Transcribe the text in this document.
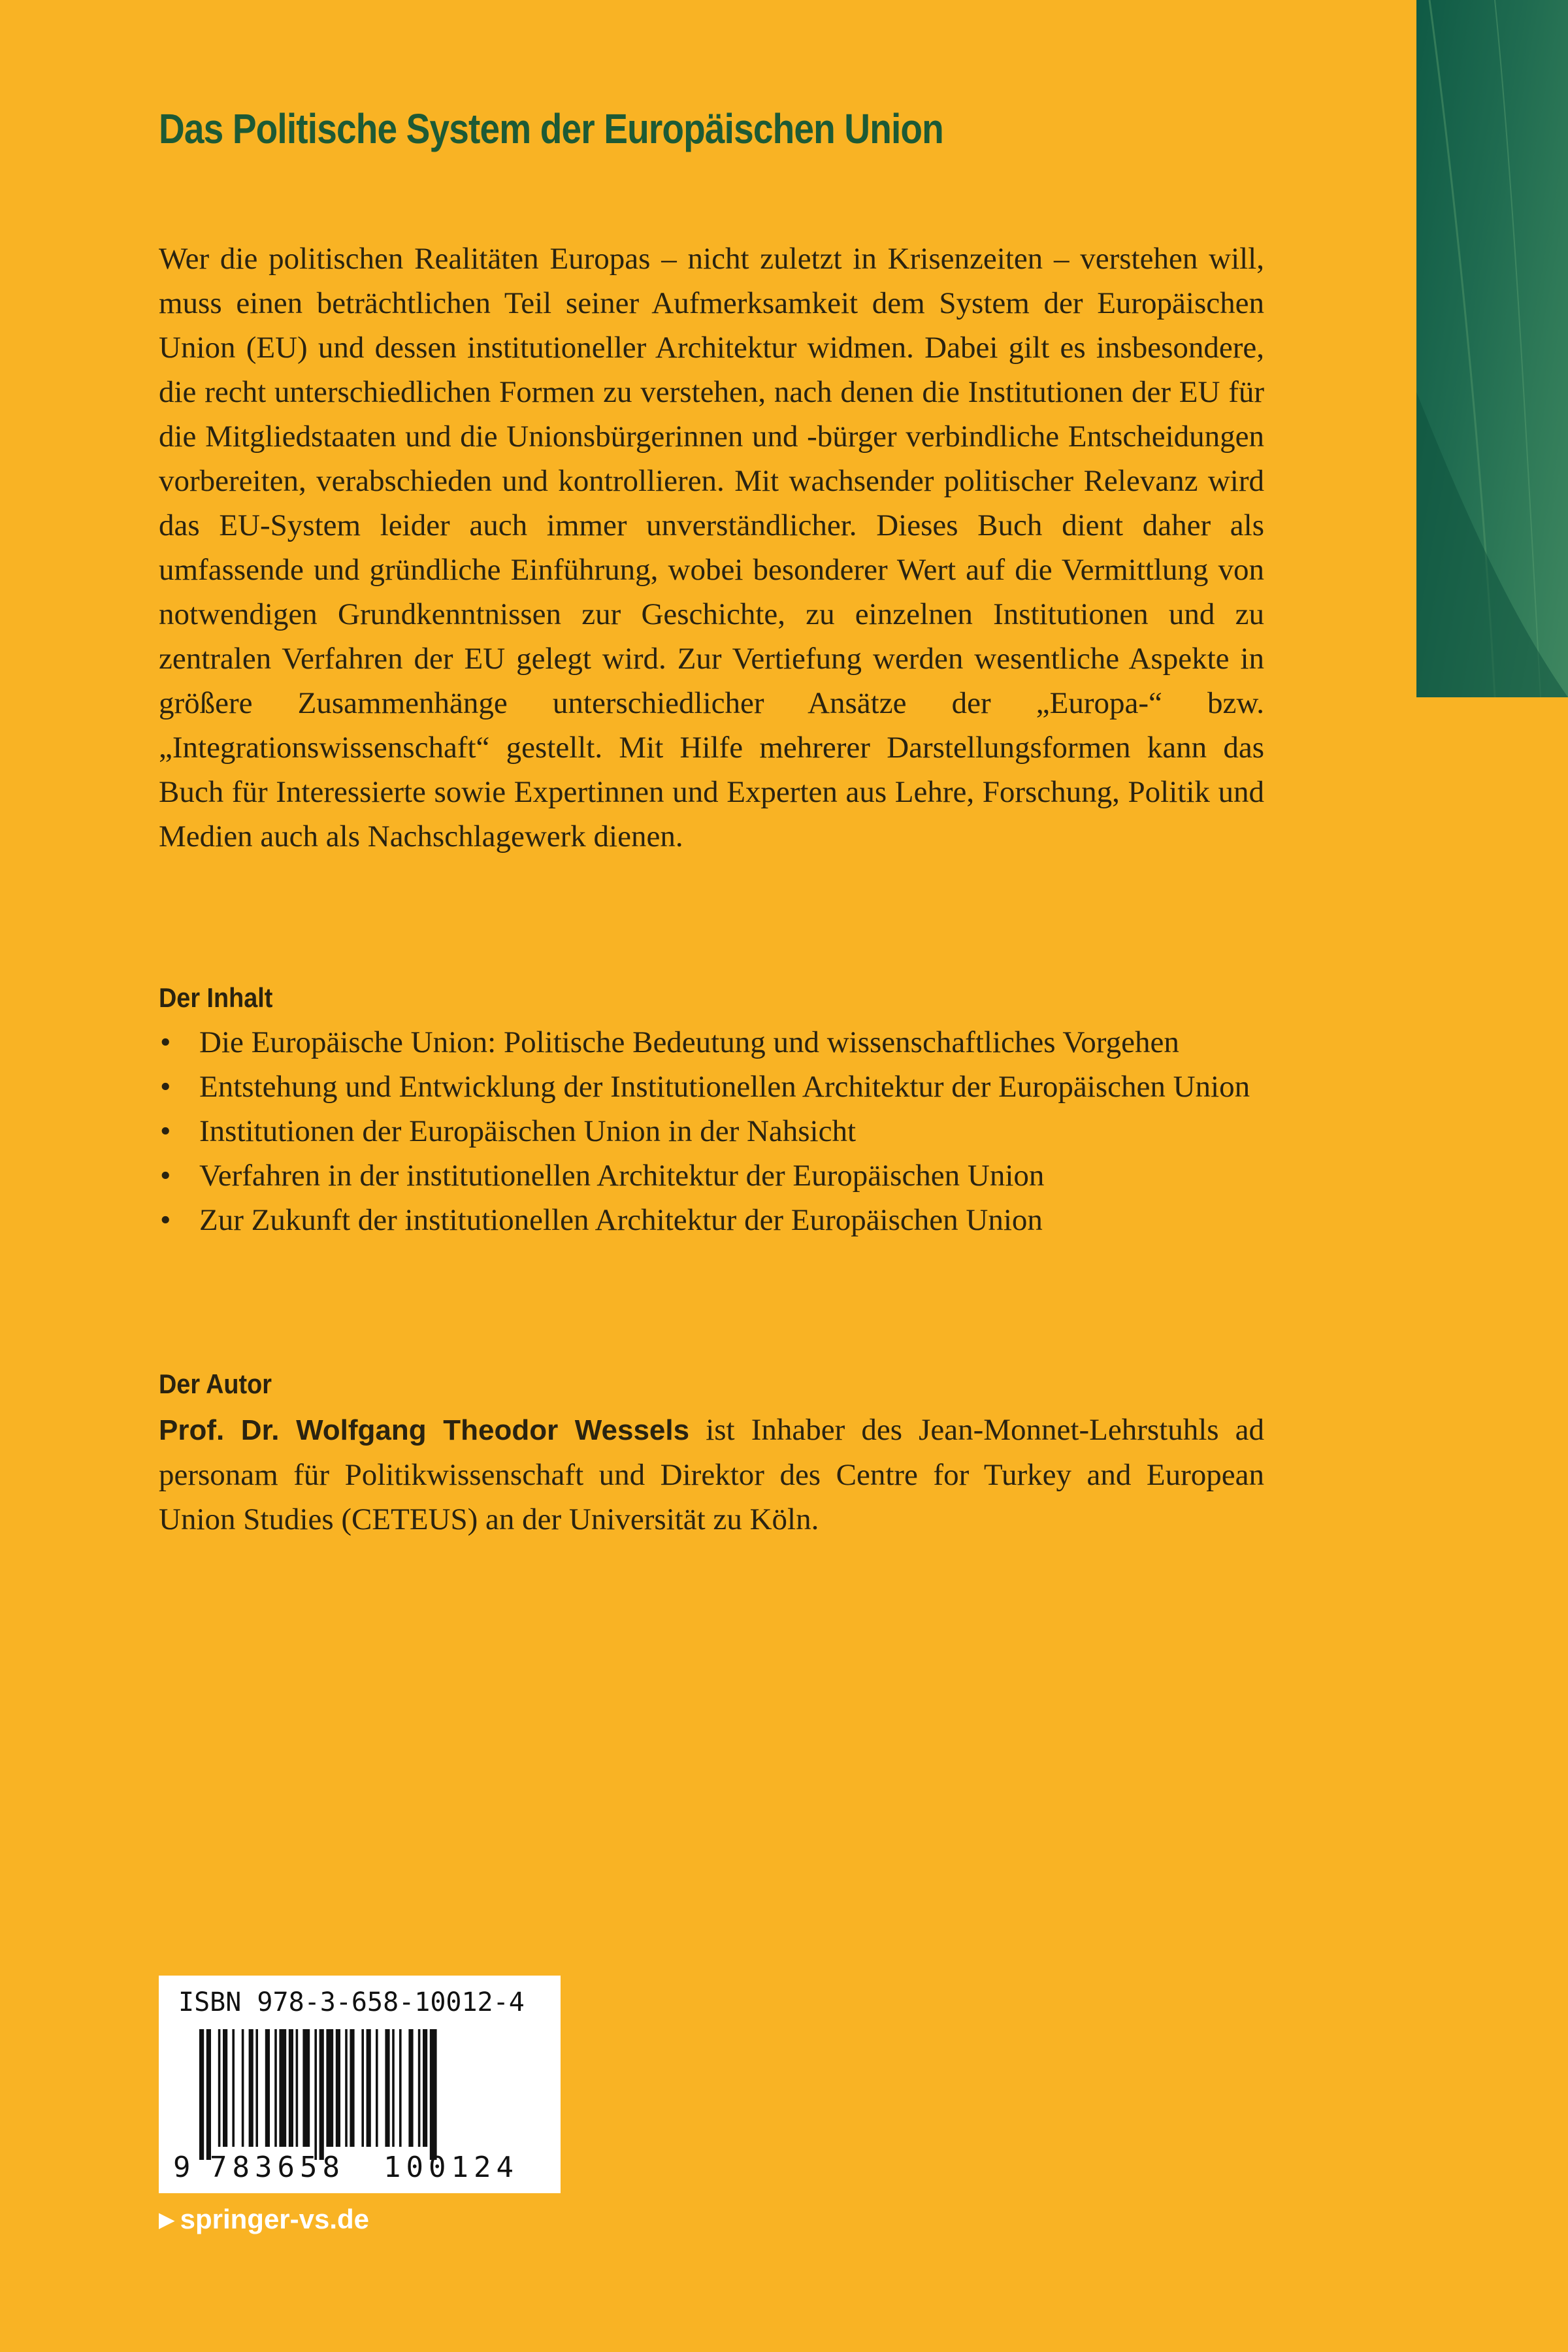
Das Politische System der Europäischen Union

Wer die politischen Realitäten Europas – nicht zuletzt in Krisenzeiten – verstehen will, muss einen beträchtlichen Teil seiner Aufmerksamkeit dem System der Europäischen Union (EU) und dessen institutioneller Architektur widmen. Dabei gilt es insbesondere, die recht unterschiedlichen Formen zu verstehen, nach denen die Institutionen der EU für die Mitgliedstaaten und die Unionsbürgerinnen und -bürger verbindliche Entscheidungen vorbereiten, verabschieden und kontrollieren. Mit wachsender politischer Relevanz wird das EU-System leider auch immer unverständlicher. Dieses Buch dient daher als umfassende und gründliche Einführung, wobei besonderer Wert auf die Vermittlung von notwendigen Grundkenntnissen zur Geschichte, zu einzelnen Institutionen und zu zentralen Verfahren der EU gelegt wird. Zur Vertiefung werden wesentliche Aspekte in größere Zusammenhänge unterschiedlicher Ansätze der „Europa-“ bzw. „Integrationswissenschaft“ gestellt. Mit Hilfe mehrerer Darstellungsformen kann das Buch für Interessierte sowie Expertinnen und Experten aus Lehre, Forschung, Politik und Medien auch als Nachschlagewerk dienen.

Der Inhalt
• Die Europäische Union: Politische Bedeutung und wissenschaftliches Vorgehen
• Entstehung und Entwicklung der Institutionellen Architektur der Europäischen Union
• Institutionen der Europäischen Union in der Nahsicht
• Verfahren in der institutionellen Architektur der Europäischen Union
• Zur Zukunft der institutionellen Architektur der Europäischen Union
Der Autor

Prof. Dr. Wolfgang Theodor Wessels ist Inhaber des Jean-Monnet-Lehrstuhls ad personam für Politikwissenschaft und Direktor des Centre for Turkey and European Union Studies (CETEUS) an der Universität zu Köln.

ISBN 978-3-658-10012-4
9 783658 100124
▶ springer-vs.de
